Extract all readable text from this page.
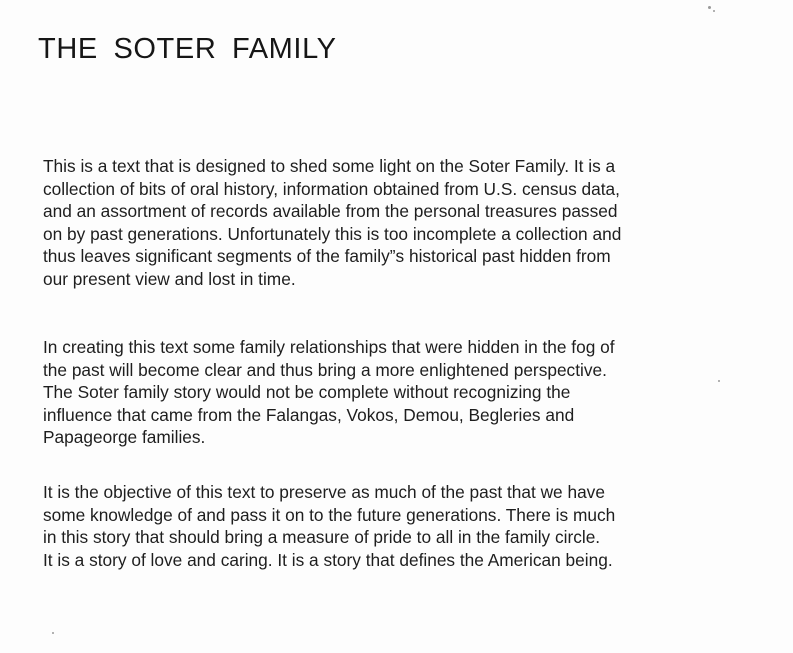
THE SOTER FAMILY

This is a text that is designed to shed some light on the Soter Family. It is a
collection of bits of oral history, information obtained from U.S. census data,
and an assortment of records available from the personal treasures passed
on by past generations. Unfortunately this is too incomplete a collection and
thus leaves significant segments of the family”s historical past hidden from
our present view and lost in time.

In creating this text some family relationships that were hidden in the fog of
the past will become clear and thus bring a more enlightened perspective.
The Soter family story would not be complete without recognizing the
influence that came from the Falangas, Vokos, Demou, Begleries and
Papageorge families.

It is the objective of this text to preserve as much of the past that we have
some knowledge of and pass it on to the future generations. There is much
in this story that should bring a measure of pride to all in the family circle.
It is a story of love and caring. It is a story that defines the American being.
